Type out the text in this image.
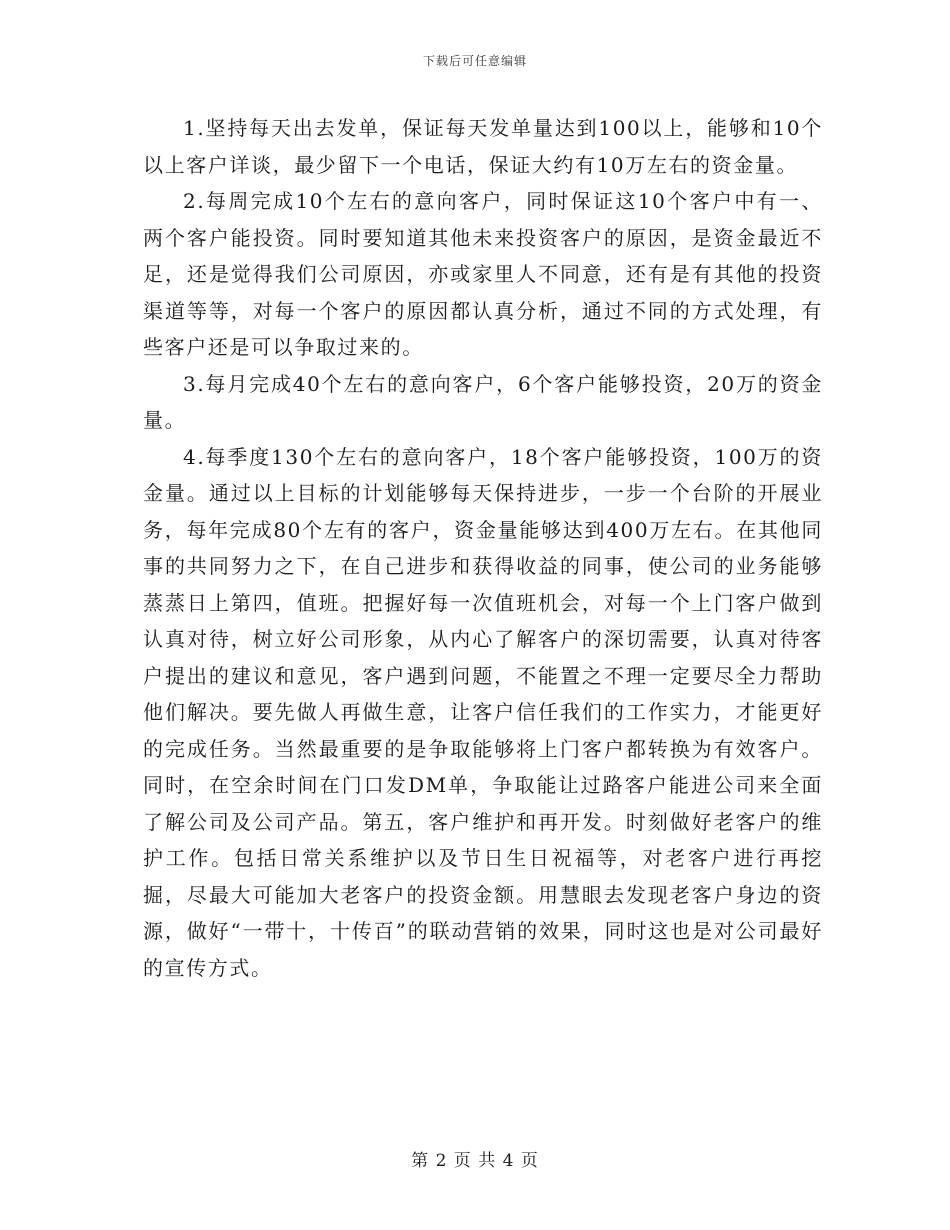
下载后可任意编辑

1.坚持每天出去发单，保证每天发单量达到100以上，能够和10个以上客户详谈，最少留下一个电话，保证大约有10万左右的资金量。

2.每周完成10个左右的意向客户，同时保证这10个客户中有一、两个客户能投资。同时要知道其他未来投资客户的原因，是资金最近不足，还是觉得我们公司原因，亦或家里人不同意，还有是有其他的投资渠道等等，对每一个客户的原因都认真分析，通过不同的方式处理，有些客户还是可以争取过来的。

3.每月完成40个左右的意向客户，6个客户能够投资，20万的资金量。

4.每季度130个左右的意向客户，18个客户能够投资，100万的资金量。通过以上目标的计划能够每天保持进步，一步一个台阶的开展业务，每年完成80个左有的客户，资金量能够达到400万左右。在其他同事的共同努力之下，在自己进步和获得收益的同事，使公司的业务能够蒸蒸日上第四，值班。把握好每一次值班机会，对每一个上门客户做到认真对待，树立好公司形象，从内心了解客户的深切需要，认真对待客户提出的建议和意见，客户遇到问题，不能置之不理一定要尽全力帮助他们解决。要先做人再做生意，让客户信任我们的工作实力，才能更好的完成任务。当然最重要的是争取能够将上门客户都转换为有效客户。同时，在空余时间在门口发DM单，争取能让过路客户能进公司来全面了解公司及公司产品。第五，客户维护和再开发。时刻做好老客户的维护工作。包括日常关系维护以及节日生日祝福等，对老客户进行再挖掘，尽最大可能加大老客户的投资金额。用慧眼去发现老客户身边的资源，做好“一带十，十传百”的联动营销的效果，同时这也是对公司最好的宣传方式。

第 2 页 共 4 页
